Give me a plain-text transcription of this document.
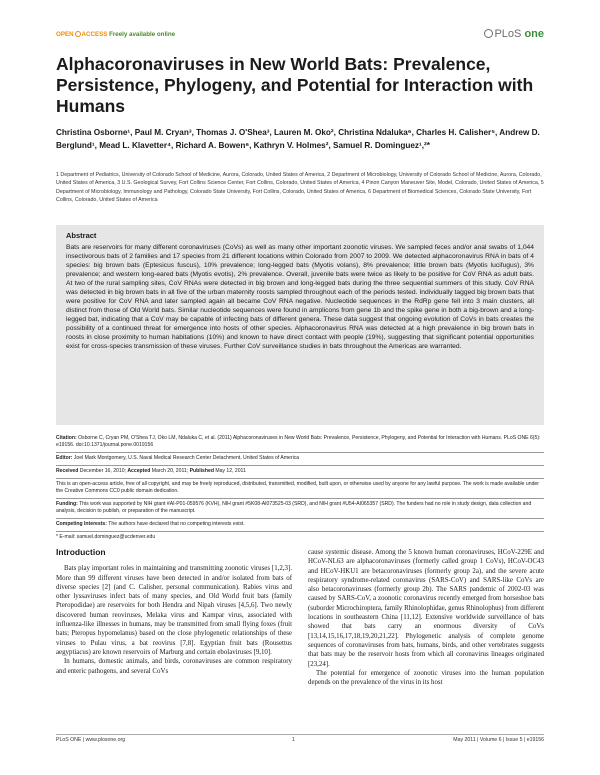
OPEN ACCESS Freely available online	PLoS one
Alphacoronaviruses in New World Bats: Prevalence, Persistence, Phylogeny, and Potential for Interaction with Humans
Christina Osborne¹, Paul M. Cryan³, Thomas J. O'Shea³, Lauren M. Oko², Christina Ndaluka⁶, Charles H. Calisher⁵, Andrew D. Berglund¹, Mead L. Klavetter⁴, Richard A. Bowen⁶, Kathryn V. Holmes², Samuel R. Dominguez¹,²*
1 Department of Pediatrics, University of Colorado School of Medicine, Aurora, Colorado, United States of America, 2 Department of Microbiology, University of Colorado School of Medicine, Aurora, Colorado, United States of America, 3 U.S. Geological Survey, Fort Collins Science Center, Fort Collins, Colorado, United States of America, 4 Pinon Canyon Maneuver Site, Model, Colorado, United States of America, 5 Department of Microbiology, Immunology and Pathology, Colorado State University, Fort Collins, Colorado, United States of America, 6 Department of Biomedical Sciences, Colorado State University, Fort Collins, Colorado, United States of America
Abstract
Bats are reservoirs for many different coronaviruses (CoVs) as well as many other important zoonotic viruses. We sampled feces and/or anal swabs of 1,044 insectivorous bats of 2 families and 17 species from 21 different locations within Colorado from 2007 to 2009. We detected alphacoronavirus RNA in bats of 4 species: big brown bats (Eptesicus fuscus), 10% prevalence; long-legged bats (Myotis volans), 8% prevalence; little brown bats (Myotis lucifugus), 3% prevalence; and western long-eared bats (Myotis evotis), 2% prevalence. Overall, juvenile bats were twice as likely to be positive for CoV RNA as adult bats. At two of the rural sampling sites, CoV RNAs were detected in big brown and long-legged bats during the three sequential summers of this study. CoV RNA was detected in big brown bats in all five of the urban maternity roosts sampled throughout each of the periods tested. Individually tagged big brown bats that were positive for CoV RNA and later sampled again all became CoV RNA negative. Nucleotide sequences in the RdRp gene fell into 3 main clusters, all distinct from those of Old World bats. Similar nucleotide sequences were found in amplicons from gene 1b and the spike gene in both a big-brown and a long-legged bat, indicating that a CoV may be capable of infecting bats of different genera. These data suggest that ongoing evolution of CoVs in bats creates the possibility of a continued threat for emergence into hosts of other species. Alphacoronavirus RNA was detected at a high prevalence in big brown bats in roosts in close proximity to human habitations (10%) and known to have direct contact with people (19%), suggesting that significant potential opportunities exist for cross-species transmission of these viruses. Further CoV surveillance studies in bats throughout the Americas are warranted.
Citation: Osborne C, Cryan PM, O'Shea TJ, Oko LM, Ndaluka C, et al. (2011) Alphacoronaviruses in New World Bats: Prevalence, Persistence, Phylogeny, and Potential for Interaction with Humans. PLoS ONE 6(5): e19156. doi:10.1371/journal.pone.0019156
Editor: Joel Mark Montgomery, U.S. Naval Medical Research Center Detachment, United States of America
Received December 16, 2010; Accepted March 20, 2011; Published May 12, 2011
This is an open-access article, free of all copyright, and may be freely reproduced, distributed, transmitted, modified, built upon, or otherwise used by anyone for any lawful purpose. The work is made available under the Creative Commons CC0 public domain dedication.
Funding: This work was supported by NIH grant #AI-P01-059576 (KVH), NIH grant #5K08-AI073525-03 (SRD), and NIH grant #U54-AI065357 (SRD). The funders had no role in study design, data collection and analysis, decision to publish, or preparation of the manuscript.
Competing Interests: The authors have declared that no competing interests exist.
* E-mail: samuel.dominguez@ucdenver.edu
Introduction

Bats play important roles in maintaining and transmitting zoonotic viruses [1,2,3]. More than 99 different viruses have been detected in and/or isolated from bats of diverse species [2] (and C. Calisher, personal communication). Rabies virus and other lyssaviruses infect bats of many species, and Old World fruit bats (family Pteropodidae) are reservoirs for both Hendra and Nipah viruses [4,5,6]. Two newly discovered human reoviruses, Melaka virus and Kampar virus, associated with influenza-like illnesses in humans, may be transmitted from small flying foxes (fruit bats; Pteropus hypomelanus) based on the close phylogenetic relationships of these viruses to Pulau virus, a bat reovirus [7,8]. Egyptian fruit bats (Rousettus aegyptiacus) are known reservoirs of Marburg and certain ebolaviruses [9,10].

In humans, domestic animals, and birds, coronaviruses are common respiratory and enteric pathogens, and several CoVs

cause systemic disease. Among the 5 known human coronaviruses, HCoV-229E and HCoV-NL63 are alphacoronaviruses (formerly called group 1 CoVs), HCoV-OC43 and HCoV-HKU1 are betacoronaviruses (formerly group 2a), and the severe acute respiratory syndrome-related coronavirus (SARS-CoV) and SARS-like CoVs are also betacoronaviruses (formerly group 2b). The SARS pandemic of 2002-03 was caused by SARS-CoV, a zoonotic coronavirus recently emerged from horseshoe bats (suborder Microchiroptera, family Rhinolophidae, genus Rhinolophus) from different locations in southeastern China [11,12]. Extensive worldwide surveillance of bats showed that bats carry an enormous diversity of CoVs [13,14,15,16,17,18,19,20,21,22]. Phylogenetic analysis of complete genome sequences of coronaviruses from bats, humans, birds, and other vertebrates suggests that bats may be the reservoir hosts from which all coronavirus lineages originated [23,24].

The potential for emergence of zoonotic viruses into the human population depends on the prevalence of the virus in its host

PLoS ONE | www.plosone.org	1	May 2011 | Volume 6 | Issue 5 | e19156
